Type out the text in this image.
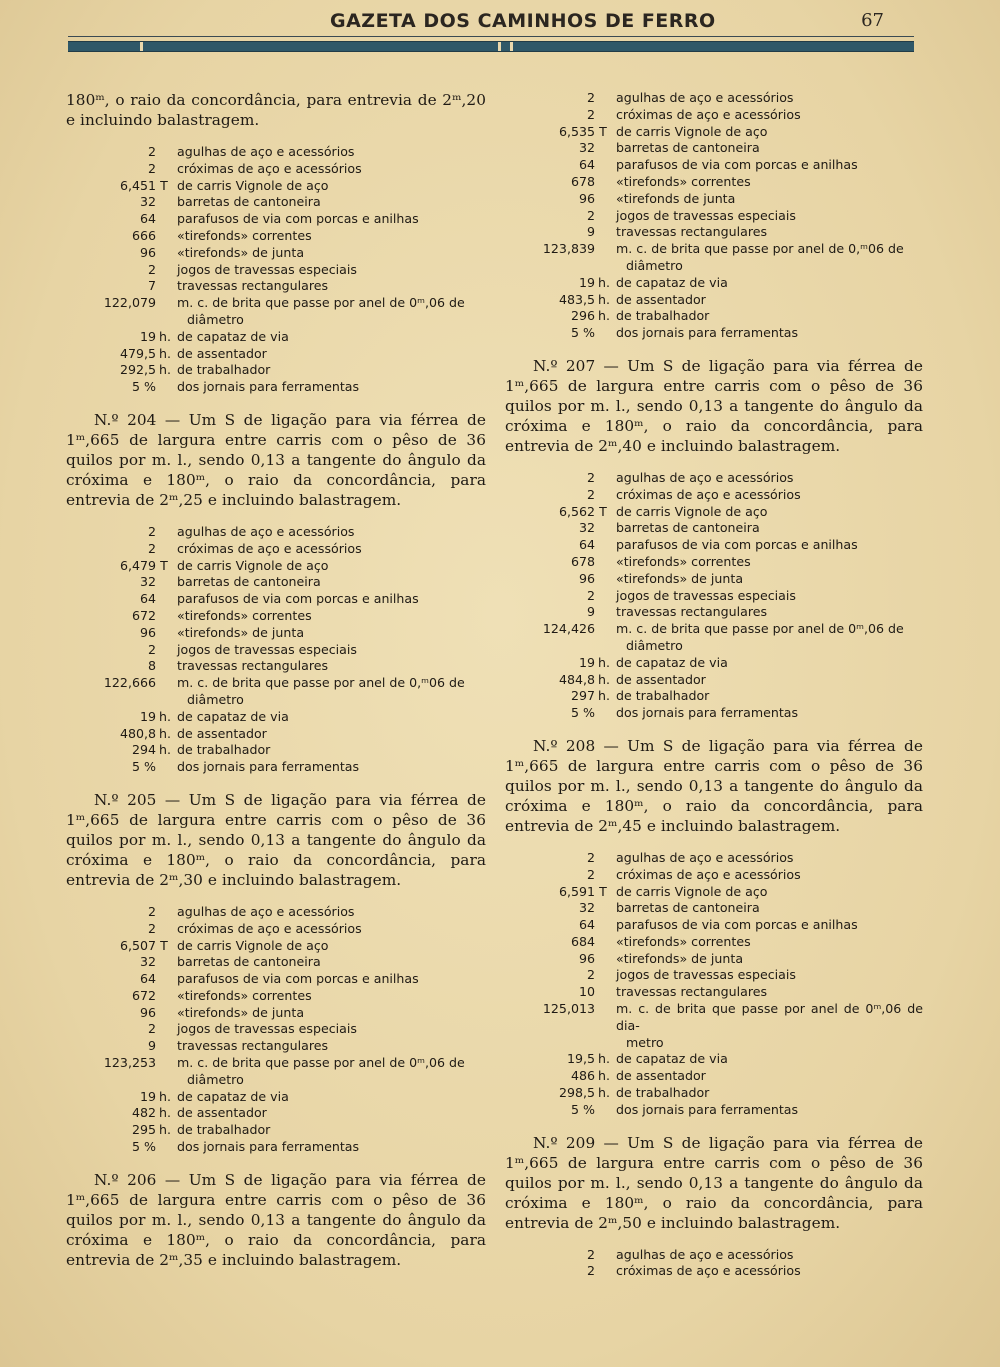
GAZETA DOS CAMINHOS DE FERRO	67

180ᵐ, o raio da concordância, para entrevia de 2ᵐ,20 e incluindo balastragem.

2	agulhas de aço e acessórios
2	cróximas de aço e acessórios
6,451 T de carris Vignole de aço
32	barretas de cantoneira
64	parafusos de via com porcas e anilhas
666	«tirefonds» correntes
96	«tirefonds» de junta
2	jogos de travessas especiais
7	travessas rectangulares
122,079	m. c. de brita que passe por anel de 0ᵐ,06 de
diâmetro
19 h. de capataz de via
479,5 h. de assentador
292,5 h. de trabalhador
5 %	dos jornais para ferramentas

N.º 204 — Um S de ligação para via férrea de 1ᵐ,665 de largura entre carris com o pêso de 36 quilos por m. l., sendo 0,13 a tangente do ângulo da cróxima e 180ᵐ, o raio da concordância, para entrevia de 2ᵐ,25 e incluindo balastragem.

2	agulhas de aço e acessórios
2	cróximas de aço e acessórios
6,479 T de carris Vignole de aço
32	barretas de cantoneira
64	parafusos de via com porcas e anilhas
672	«tirefonds» correntes
96	«tirefonds» de junta
2	jogos de travessas especiais
8	travessas rectangulares
122,666	m. c. de brita que passe por anel de 0,ᵐ06 de
diâmetro
19 h. de capataz de via
480,8 h. de assentador
294 h. de trabalhador
5 %	dos jornais para ferramentas

N.º 205 — Um S de ligação para via férrea de 1ᵐ,665 de largura entre carris com o pêso de 36 quilos por m. l., sendo 0,13 a tangente do ângulo da cróxima e 180ᵐ, o raio da concordância, para entrevia de 2ᵐ,30 e incluindo balastragem.

2	agulhas de aço e acessórios
2	cróximas de aço e acessórios
6,507 T de carris Vignole de aço
32	barretas de cantoneira
64	parafusos de via com porcas e anilhas
672	«tirefonds» correntes
96	«tirefonds» de junta
2	jogos de travessas especiais
9	travessas rectangulares
123,253	m. c. de brita que passe por anel de 0ᵐ,06 de
diâmetro
19 h. de capataz de via
482 h. de assentador
295 h. de trabalhador
5 %	dos jornais para ferramentas

N.º 206 — Um S de ligação para via férrea de 1ᵐ,665 de largura entre carris com o pêso de 36 quilos por m. l., sendo 0,13 a tangente do ângulo da cróxima e 180ᵐ, o raio da concordância, para entrevia de 2ᵐ,35 e incluindo balastragem.

2	agulhas de aço e acessórios
2	cróximas de aço e acessórios
6,535 T de carris Vignole de aço
32	barretas de cantoneira
64	parafusos de via com porcas e anilhas
678	«tirefonds» correntes
96	«tirefonds de junta
2	jogos de travessas especiais
9	travessas rectangulares
123,839	m. c. de brita que passe por anel de 0,ᵐ06 de
diâmetro
19 h. de capataz de via
483,5 h. de assentador
296 h. de trabalhador
5 %	dos jornais para ferramentas

N.º 207 — Um S de ligação para via férrea de 1ᵐ,665 de largura entre carris com o pêso de 36 quilos por m. l., sendo 0,13 a tangente do ângulo da cróxima e 180ᵐ, o raio da concordância, para entrevia de 2ᵐ,40 e incluindo balastragem.

2	agulhas de aço e acessórios
2	cróximas de aço e acessórios
6,562 T de carris Vignole de aço
32	barretas de cantoneira
64	parafusos de via com porcas e anilhas
678	«tirefonds» correntes
96	«tirefonds» de junta
2	jogos de travessas especiais
9	travessas rectangulares
124,426	m. c. de brita que passe por anel de 0ᵐ,06 de
diâmetro
19 h. de capataz de via
484,8 h. de assentador
297 h. de trabalhador
5 %	dos jornais para ferramentas

N.º 208 — Um S de ligação para via férrea de 1ᵐ,665 de largura entre carris com o pêso de 36 quilos por m. l., sendo 0,13 a tangente do ângulo da cróxima e 180ᵐ, o raio da concordância, para entrevia de 2ᵐ,45 e incluindo balastragem.

2	agulhas de aço e acessórios
2	cróximas de aço e acessórios
6,591 T de carris Vignole de aço
32	barretas de cantoneira
64	parafusos de via com porcas e anilhas
684	«tirefonds» correntes
96	«tirefonds» de junta
2	jogos de travessas especiais
10	travessas rectangulares
125,013	m. c. de brita que passe por anel de 0ᵐ,06 de dia-
metro
19,5 h. de capataz de via
486 h. de assentador
298,5 h. de trabalhador
5 %	dos jornais para ferramentas

N.º 209 — Um S de ligação para via férrea de 1ᵐ,665 de largura entre carris com o pêso de 36 quilos por m. l., sendo 0,13 a tangente do ângulo da cróxima e 180ᵐ, o raio da concordância, para entrevia de 2ᵐ,50 e incluindo balastragem.

2	agulhas de aço e acessórios
2	cróximas de aço e acessórios
